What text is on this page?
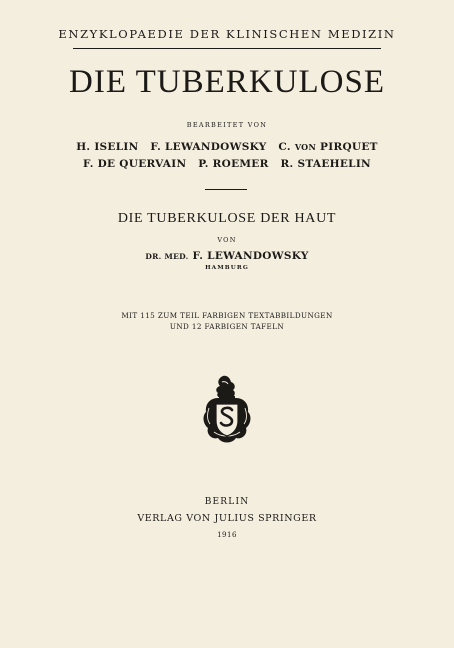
ENZYKLOPAEDIE DER KLINISCHEN MEDIZIN
DIE TUBERKULOSE
BEARBEITET VON
H. ISELIN F. LEWANDOWSKY C. VON PIRQUET
F. DE QUERVAIN P. ROEMER R. STAEHELIN
DIE TUBERKULOSE DER HAUT
VON
DR. MED. F. LEWANDOWSKY
HAMBURG
MIT 115 ZUM TEIL FARBIGEN TEXTABBILDUNGEN
UND 12 FARBIGEN TAFELN
BERLIN
VERLAG VON JULIUS SPRINGER
1916
